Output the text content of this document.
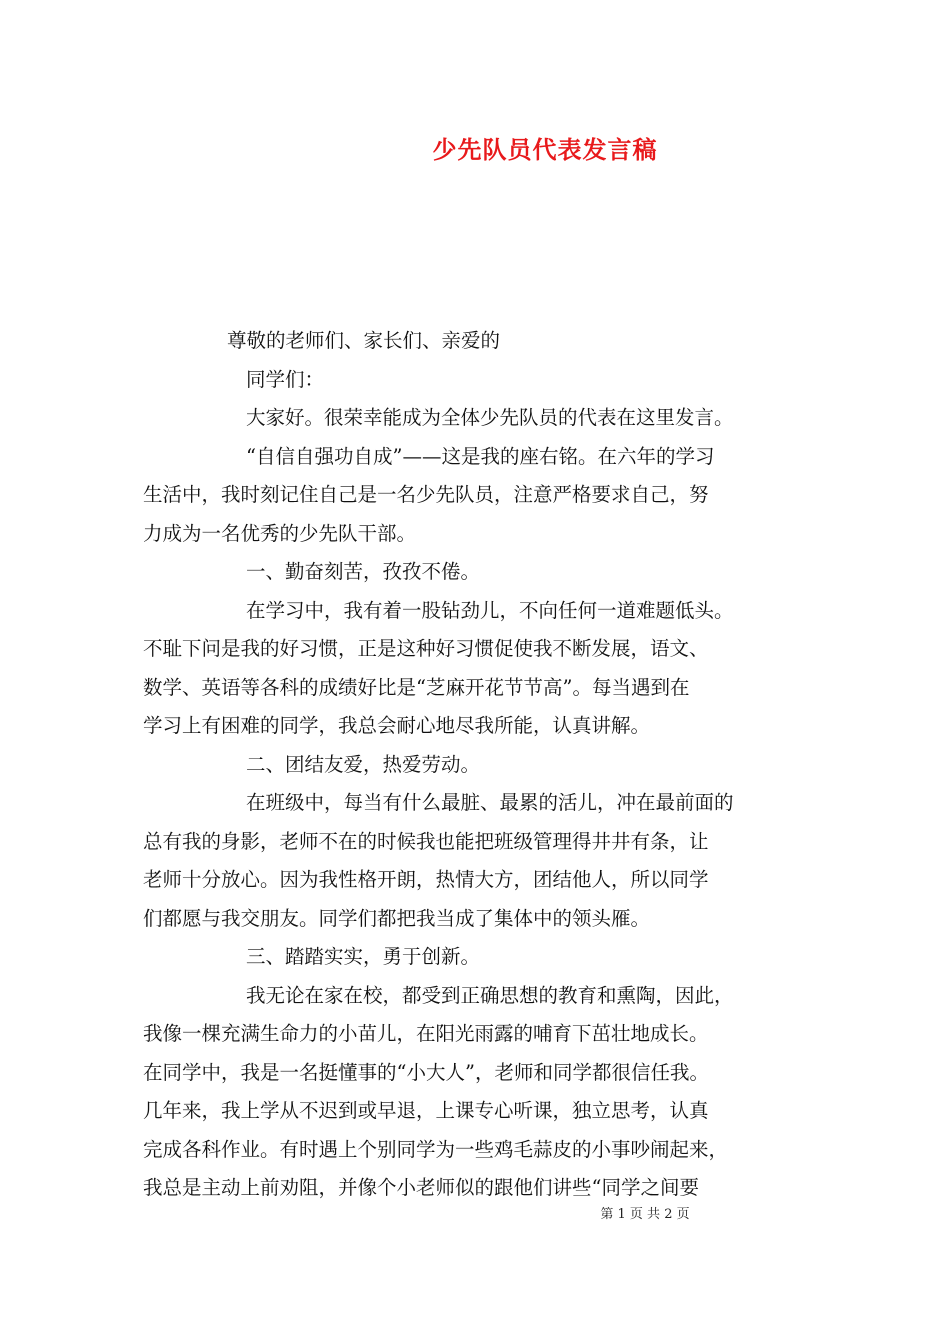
少先队员代表发言稿
尊敬的老师们、家长们、亲爱的
同学们：
大家好。很荣幸能成为全体少先队员的代表在这里发言。
“自信自强功自成”——这是我的座右铭。在六年的学习
生活中，我时刻记住自己是一名少先队员，注意严格要求自己，努
力成为一名优秀的少先队干部。
一、勤奋刻苦，孜孜不倦。
在学习中，我有着一股钻劲儿，不向任何一道难题低头。
不耻下问是我的好习惯，正是这种好习惯促使我不断发展，语文、
数学、英语等各科的成绩好比是“芝麻开花节节高”。每当遇到在
学习上有困难的同学，我总会耐心地尽我所能，认真讲解。
二、团结友爱，热爱劳动。
在班级中，每当有什么最脏、最累的活儿，冲在最前面的
总有我的身影，老师不在的时候我也能把班级管理得井井有条，让
老师十分放心。因为我性格开朗，热情大方，团结他人，所以同学
们都愿与我交朋友。同学们都把我当成了集体中的领头雁。
三、踏踏实实，勇于创新。
我无论在家在校，都受到正确思想的教育和熏陶，因此，
我像一棵充满生命力的小苗儿，在阳光雨露的哺育下茁壮地成长。
在同学中，我是一名挺懂事的“小大人”，老师和同学都很信任我。
几年来，我上学从不迟到或早退，上课专心听课，独立思考，认真
完成各科作业。有时遇上个别同学为一些鸡毛蒜皮的小事吵闹起来，
我总是主动上前劝阻，并像个小老师似的跟他们讲些“同学之间要
第 1 页 共 2 页
